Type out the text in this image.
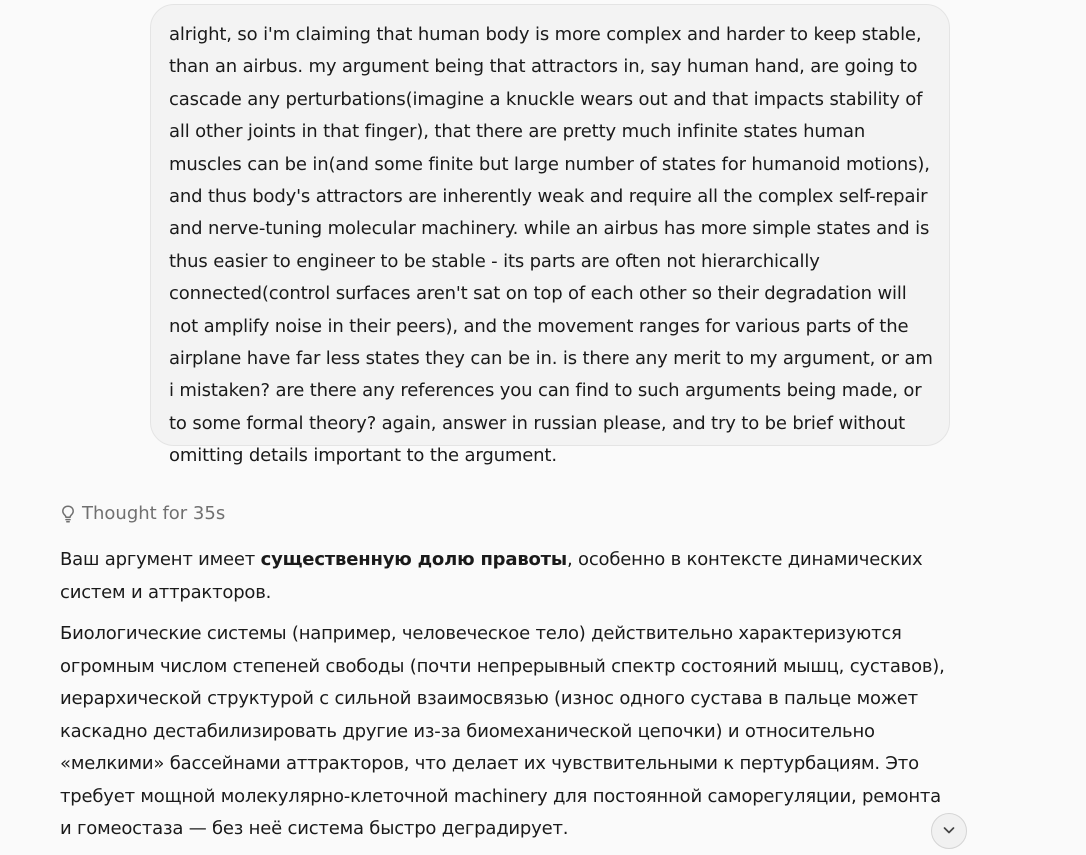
alright, so i'm claiming that human body is more complex and harder to keep stable, than an airbus. my argument being that attractors in, say human hand, are going to cascade any perturbations(imagine a knuckle wears out and that impacts stability of all other joints in that finger), that there are pretty much infinite states human muscles can be in(and some finite but large number of states for humanoid motions), and thus body's attractors are inherently weak and require all the complex self-repair and nerve-tuning molecular machinery. while an airbus has more simple states and is thus easier to engineer to be stable - its parts are often not hierarchically connected(control surfaces aren't sat on top of each other so their degradation will not amplify noise in their peers), and the movement ranges for various parts of the airplane have far less states they can be in. is there any merit to my argument, or am i mistaken? are there any references you can find to such arguments being made, or to some formal theory? again, answer in russian please, and try to be brief without omitting details important to the argument.

Thought for 35s

Ваш аргумент имеет существенную долю правоты, особенно в контексте динамических систем и аттракторов.

Биологические системы (например, человеческое тело) действительно характеризуются огромным числом степеней свободы (почти непрерывный спектр состояний мышц, суставов), иерархической структурой с сильной взаимосвязью (износ одного сустава в пальце может каскадно дестабилизировать другие из-за биомеханической цепочки) и относительно «мелкими» бассейнами аттракторов, что делает их чувствительными к пертурбациям. Это требует мощной молекулярно-клеточной machinery для постоянной саморегуляции, ремонта и гомеостаза — без неё система быстро деградирует.
